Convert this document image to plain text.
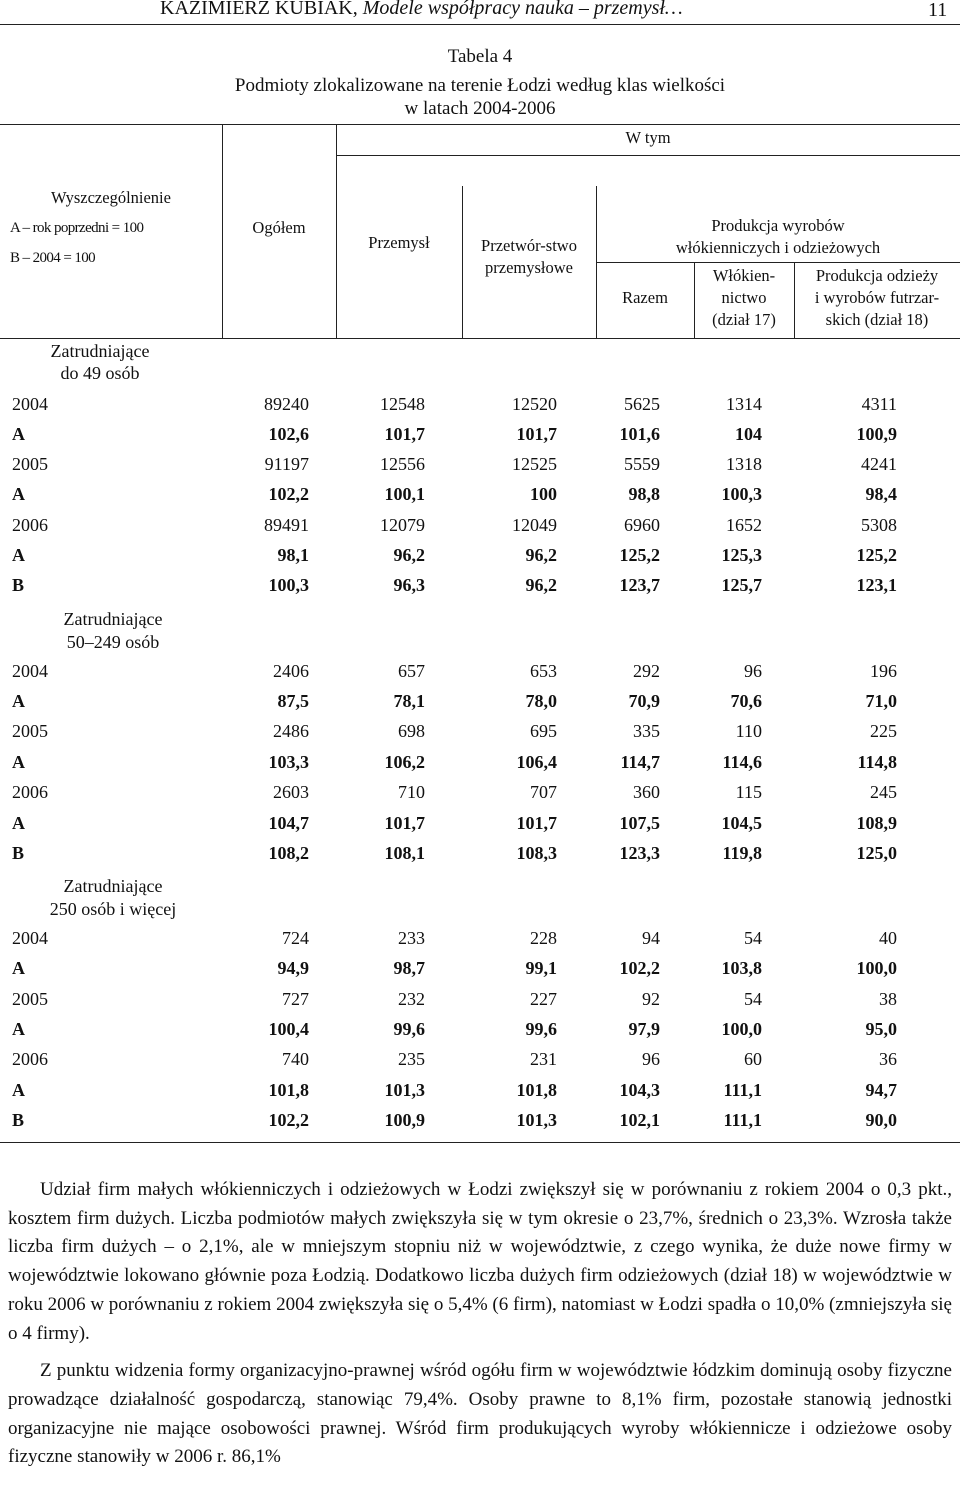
KAZIMIERZ KUBIAK, Modele współpracy nauka – przemysł…	11
Tabela 4
Podmioty zlokalizowane na terenie Łodzi według klas wielkości
w latach 2004-2006
W tym
Wyszczególnienie
A – rok poprzedni = 100
B – 2004 = 100
Ogółem
Przemysł	Przetwór-stwo
przemysłowe
Produkcja wyrobów
włókienniczych i odzieżowych
Razem
Włókien-
nictwo
(dział 17)
Produkcja odzieży
i wyrobów futrzar-
skich (dział 18)
Zatrudniające
do 49 osób
2004	89240	12548	12520	5625	1314	4311
A	102,6	101,7	101,7	101,6	104	100,9
2005	91197	12556	12525	5559	1318	4241
A	102,2	100,1	100	98,8	100,3	98,4
2006	89491	12079	12049	6960	1652	5308
A	98,1	96,2	96,2	125,2	125,3	125,2
B	100,3	96,3	96,2	123,7	125,7	123,1
Zatrudniające
50–249 osób
2004	2406	657	653	292	96	196
A	87,5	78,1	78,0	70,9	70,6	71,0
2005	2486	698	695	335	110	225
A	103,3	106,2	106,4	114,7	114,6	114,8
2006	2603	710	707	360	115	245
A	104,7	101,7	101,7	107,5	104,5	108,9
B	108,2	108,1	108,3	123,3	119,8	125,0
Zatrudniające
250 osób i więcej
2004	724	233	228	94	54	40
A	94,9	98,7	99,1	102,2	103,8	100,0
2005	727	232	227	92	54	38
A	100,4	99,6	99,6	97,9	100,0	95,0
2006	740	235	231	96	60	36
A	101,8	101,3	101,8	104,3	111,1	94,7
B	102,2	100,9	101,3	102,1	111,1	90,0

Udział firm małych włókienniczych i odzieżowych w Łodzi zwiększył się w porównaniu z rokiem 2004 o 0,3 pkt., kosztem firm dużych. Liczba podmiotów małych zwiększyła się w tym okresie o 23,7%, średnich o 23,3%. Wzrosła także liczba firm dużych – o 2,1%, ale w mniejszym stopniu niż w województwie, z czego wynika, że duże nowe firmy w województwie lokowano głównie poza Łodzią. Dodatkowo liczba dużych firm odzieżowych (dział 18) w województwie w roku 2006 w porównaniu z rokiem 2004 zwiększyła się o 5,4% (6 firm), natomiast w Łodzi spadła o 10,0% (zmniejszyła się o 4 firmy).

Z punktu widzenia formy organizacyjno-prawnej wśród ogółu firm w województwie łódzkim dominują osoby fizyczne prowadzące działalność gospodarczą, stanowiąc 79,4%. Osoby prawne to 8,1% firm, pozostałe stanowią jednostki organizacyjne nie mające osobowości prawnej. Wśród firm produkujących wyroby włókiennicze i odzieżowe osoby fizyczne stanowiły w 2006 r. 86,1%
